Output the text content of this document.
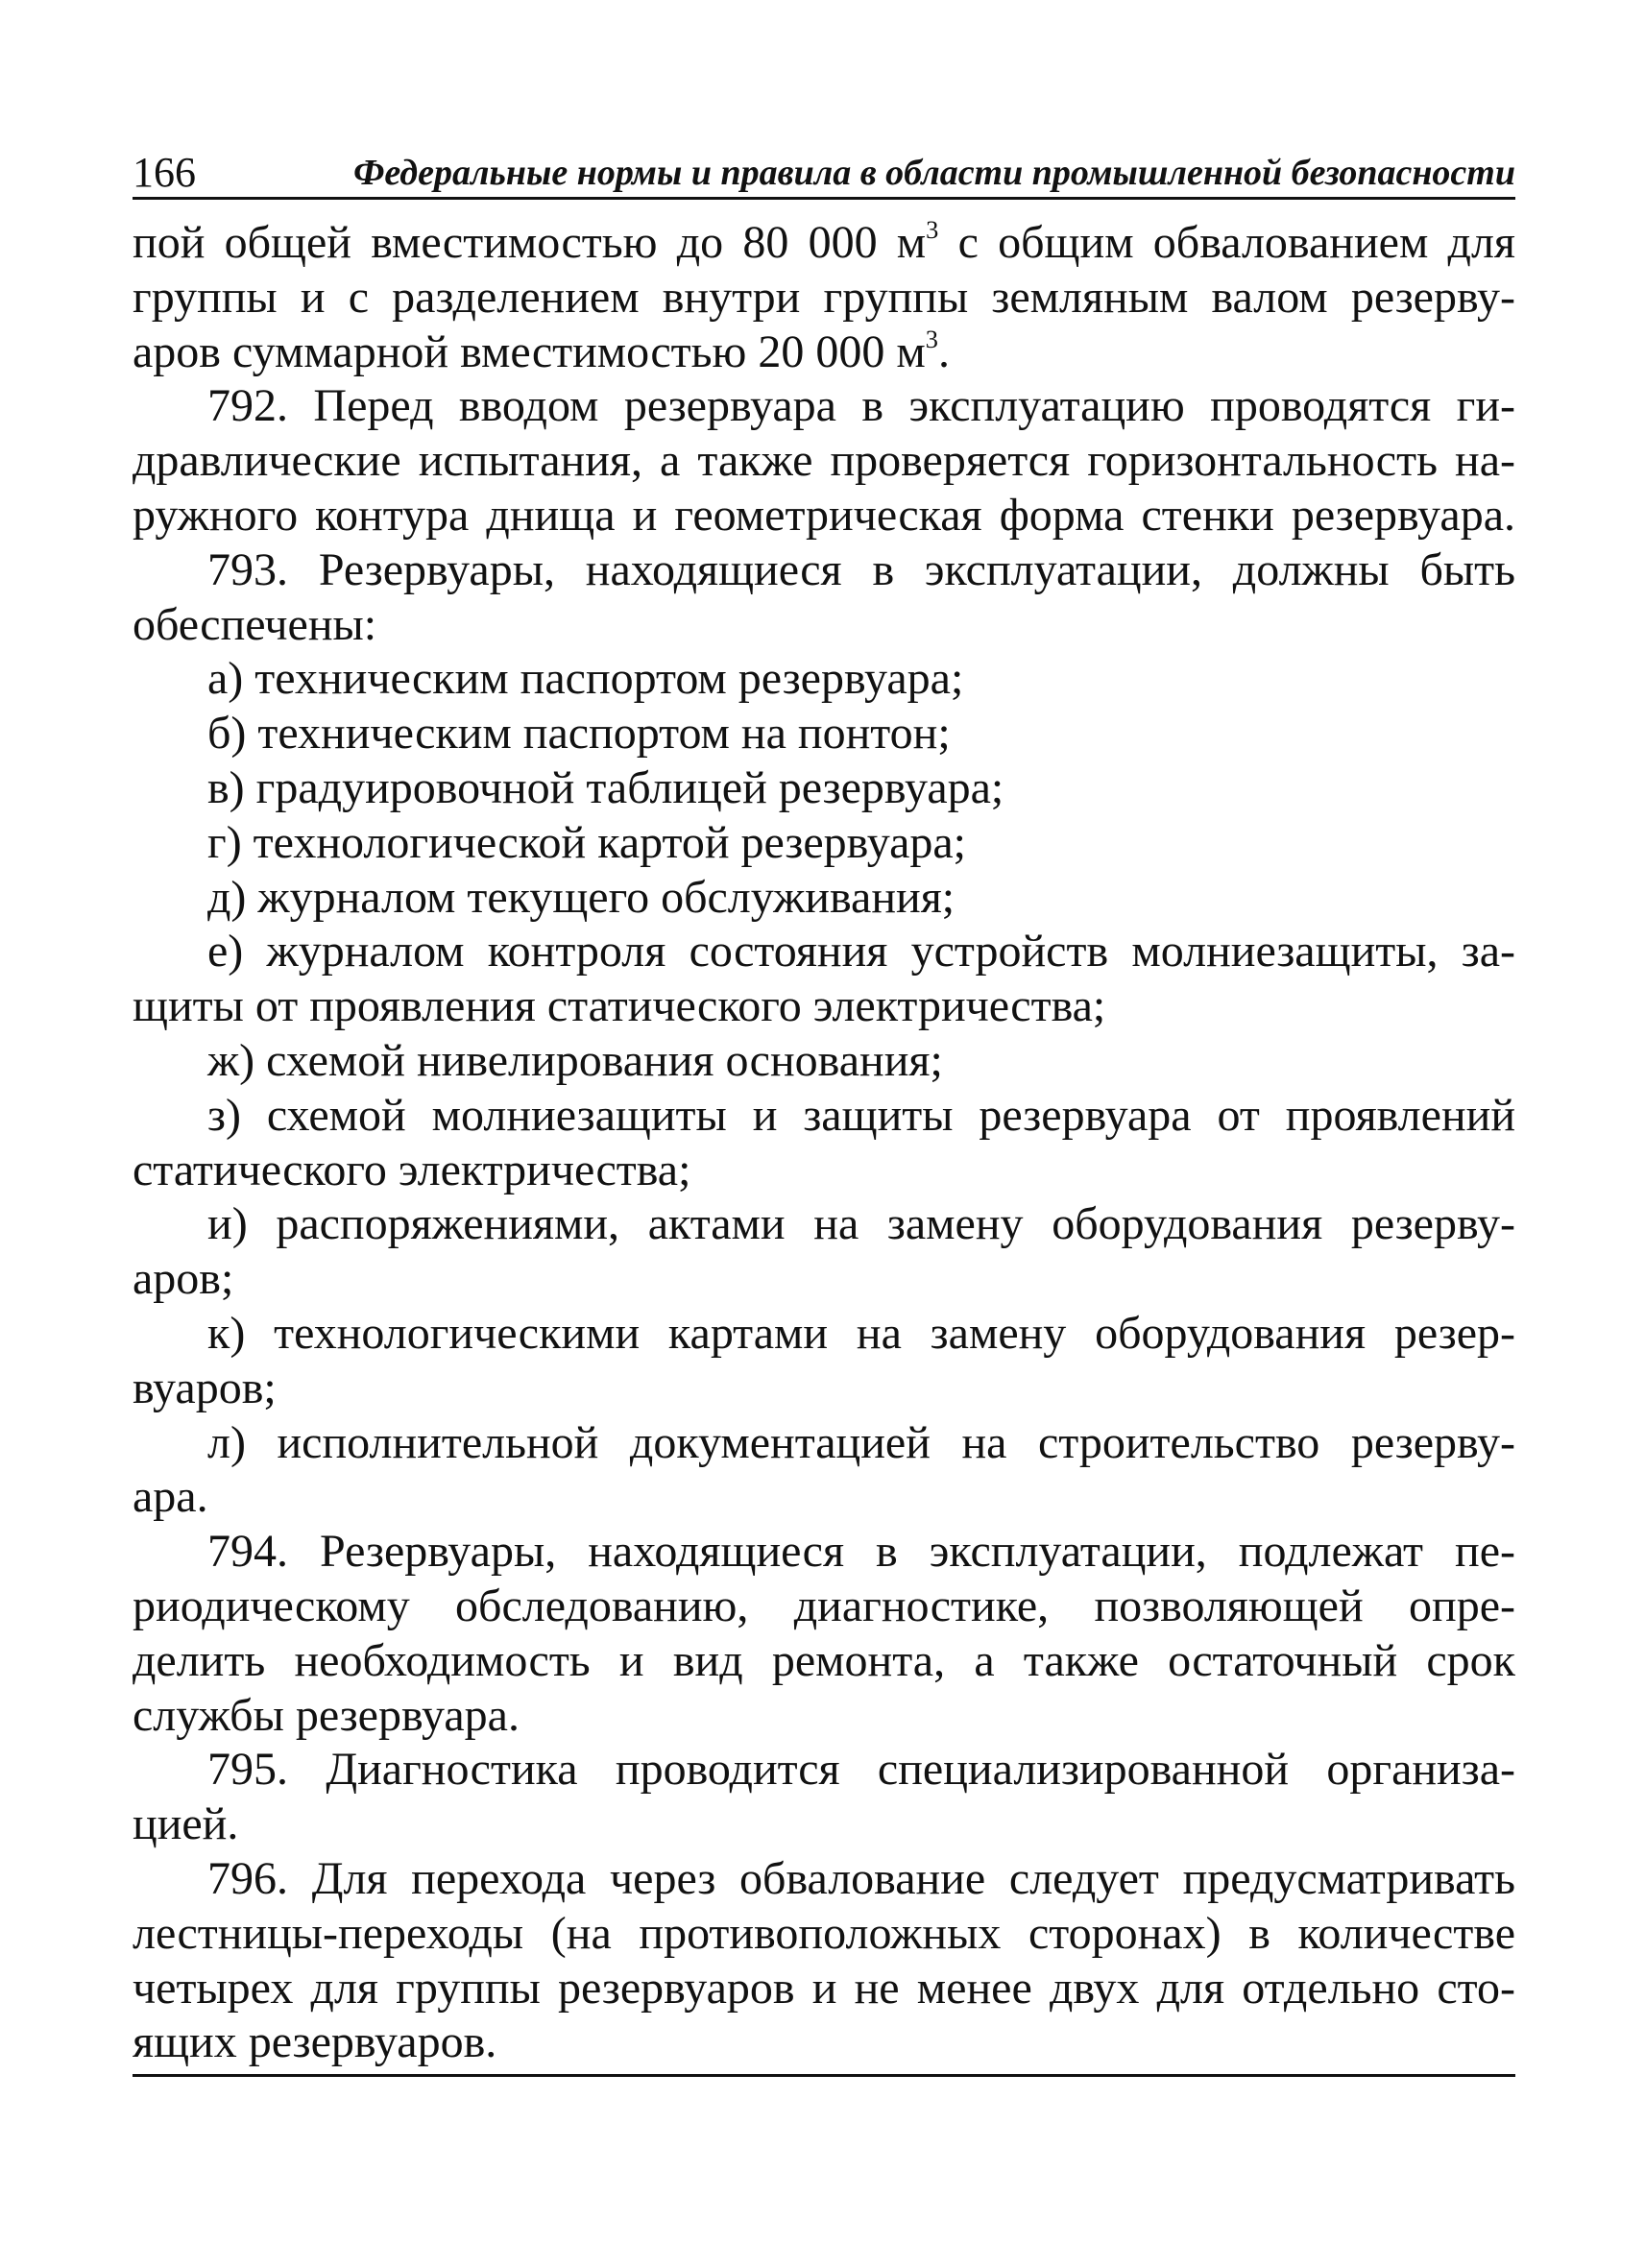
166	Федеральные нормы и правила в области промышленной безопасности
пой общей вместимостью до 80 000 $м^3$ с общим обвалованием для
группы и с разделением внутри группы земляным валом резерву-
аров суммарной вместимостью 20 000 $м^3$.
792. Перед вводом резервуара в эксплуатацию проводятся ги-
дравлические испытания, а также проверяется горизонтальность на-
ружного контура днища и геометрическая форма стенки резервуара.
793. Резервуары, находящиеся в эксплуатации, должны быть
обеспечены:
а) техническим паспортом резервуара;
б) техническим паспортом на понтон;
в) градуировочной таблицей резервуара;
г) технологической картой резервуара;
д) журналом текущего обслуживания;
е) журналом контроля состояния устройств молниезащиты, за-
щиты от проявления статического электричества;
ж) схемой нивелирования основания;
з) схемой молниезащиты и защиты резервуара от проявлений
статического электричества;
и) распоряжениями, актами на замену оборудования резерву-
аров;
к) технологическими картами на замену оборудования резер-
вуаров;
л) исполнительной документацией на строительство резерву-
ара.
794. Резервуары, находящиеся в эксплуатации, подлежат пе-
риодическому обследованию, диагностике, позволяющей опре-
делить необходимость и вид ремонта, а также остаточный срок
службы резервуара.
795. Диагностика проводится специализированной организа-
цией.
796. Для перехода через обвалование следует предусматривать
лестницы-переходы (на противоположных сторонах) в количестве
четырех для группы резервуаров и не менее двух для отдельно сто-
ящих резервуаров.
